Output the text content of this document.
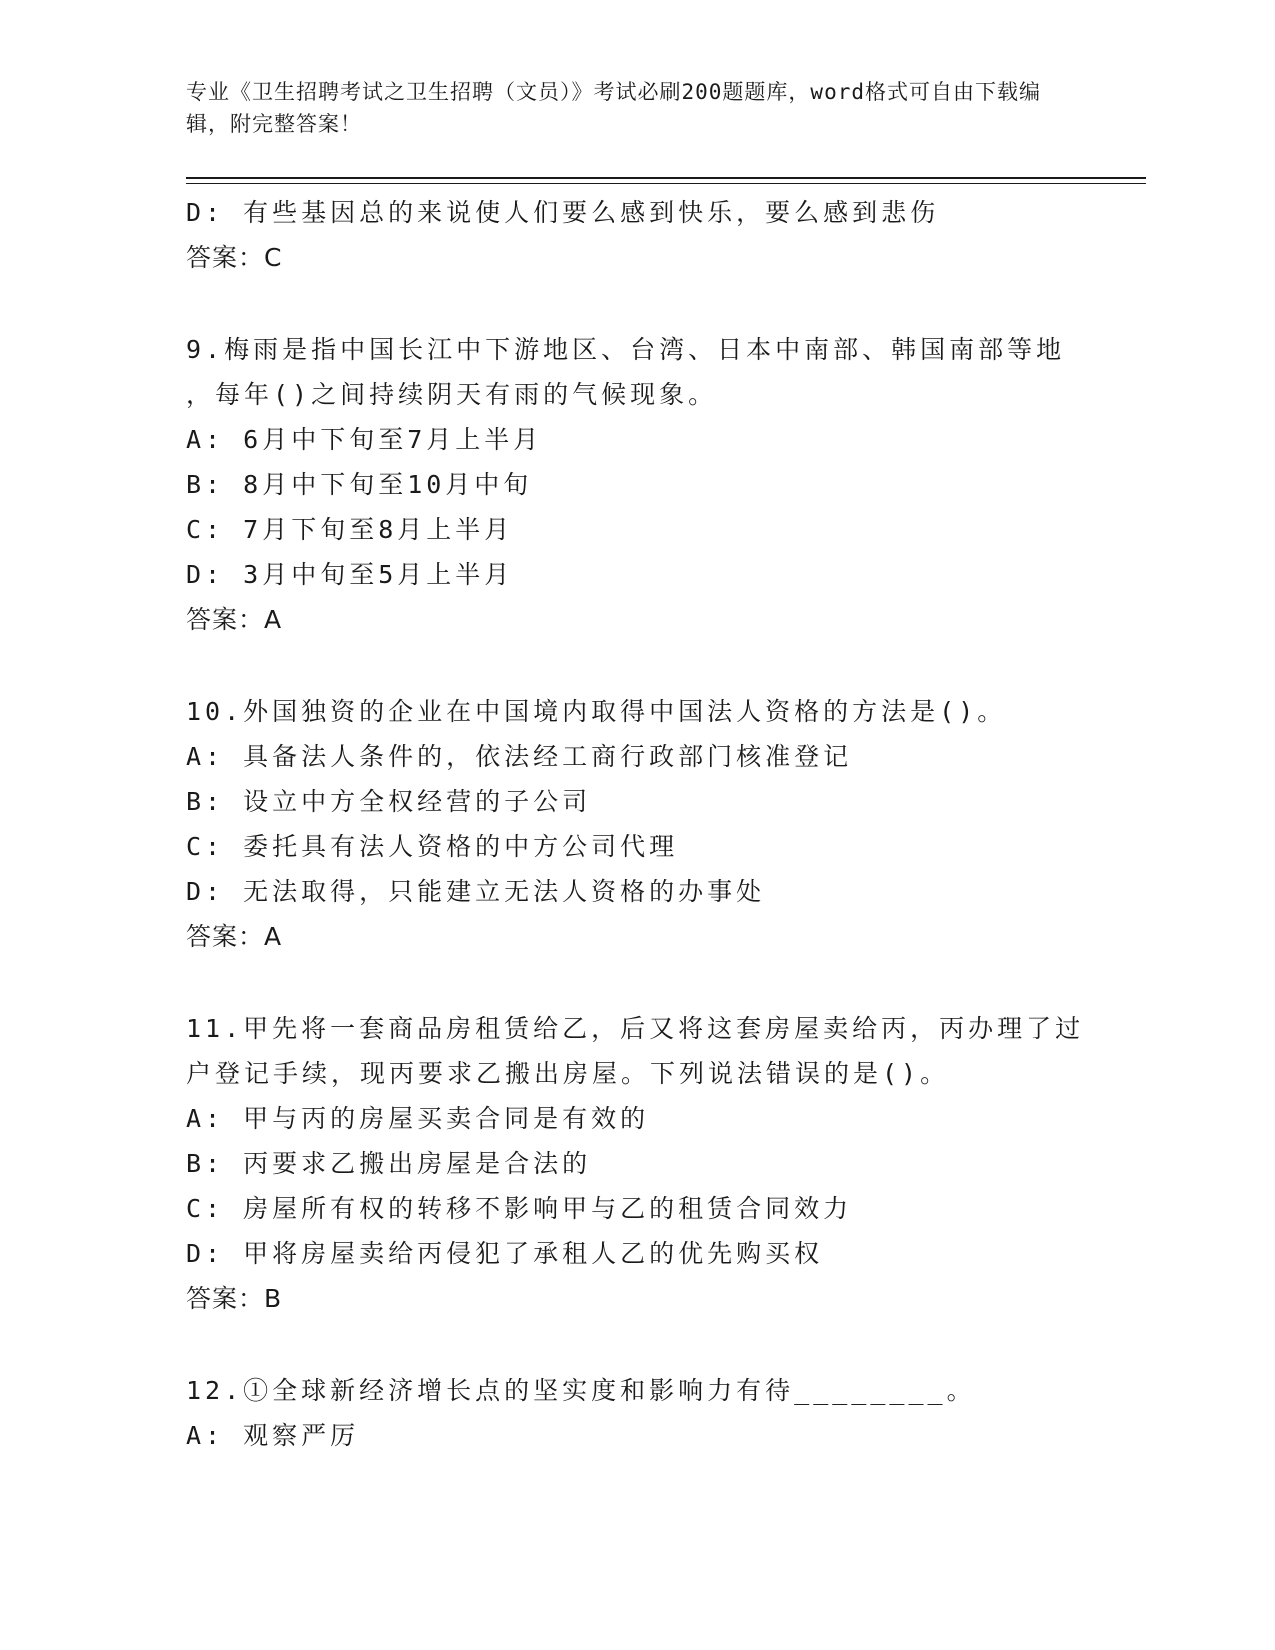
专业《卫生招聘考试之卫生招聘（文员）》考试必刷200题题库，word格式可自由下载编辑，附完整答案！
D: 有些基因总的来说使人们要么感到快乐，要么感到悲伤
答案：C
9.梅雨是指中国长江中下游地区、台湾、日本中南部、韩国南部等地
，每年()之间持续阴天有雨的气候现象。
A: 6月中下旬至7月上半月
B: 8月中下旬至10月中旬
C: 7月下旬至8月上半月
D: 3月中旬至5月上半月
答案：A
10.外国独资的企业在中国境内取得中国法人资格的方法是()。
A: 具备法人条件的，依法经工商行政部门核准登记
B: 设立中方全权经营的子公司
C: 委托具有法人资格的中方公司代理
D: 无法取得，只能建立无法人资格的办事处
答案：A
11.甲先将一套商品房租赁给乙，后又将这套房屋卖给丙，丙办理了过
户登记手续，现丙要求乙搬出房屋。下列说法错误的是()。
A: 甲与丙的房屋买卖合同是有效的
B: 丙要求乙搬出房屋是合法的
C: 房屋所有权的转移不影响甲与乙的租赁合同效力
D: 甲将房屋卖给丙侵犯了承租人乙的优先购买权
答案：B
12.①全球新经济增长点的坚实度和影响力有待________。
A: 观察严厉
